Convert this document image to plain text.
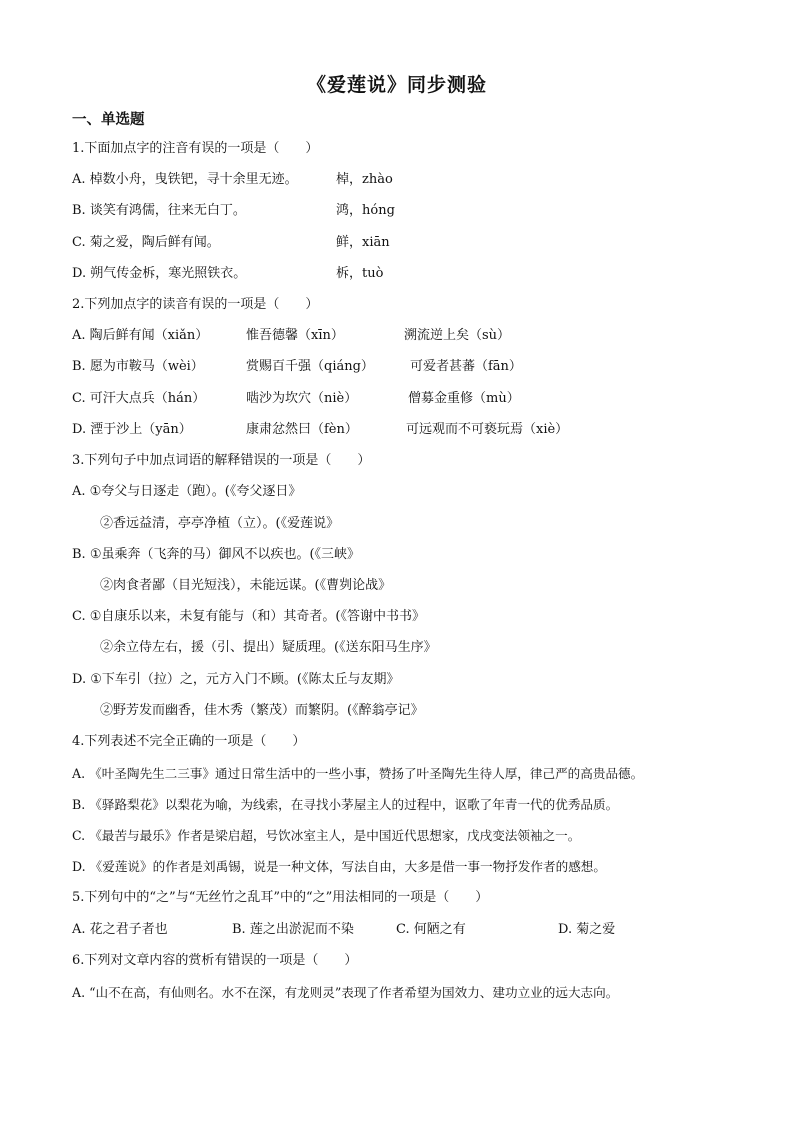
《爱莲说》同步测验
一、单选题
1.下面加点字的注音有误的一项是（　　）
A. 棹数小舟，曳铁钯，寻十余里无迹。	棹，zhào
B. 谈笑有鸿儒，往来无白丁。	鸿，hóng
C. 菊之爱，陶后鲜有闻。	鲜，xiān
D. 朔气传金柝，寒光照铁衣。	柝，tuò
2.下列加点字的读音有误的一项是（　　）
A. 陶后鲜有闻（xiǎn）	惟吾德馨（xīn）	溯流逆上矣（sù）
B. 愿为市鞍马（wèi）	赏赐百千强（qiáng）	可爱者甚蕃（fān）
C. 可汗大点兵（hán）	啮沙为坎穴（niè）	僧募金重修（mù）
D. 湮于沙上（yān）	康肃忿然曰（fèn）	可远观而不可亵玩焉（xiè）
3.下列句子中加点词语的解释错误的一项是（　　）
A. ①夸父与日逐走（跑）。(《夸父逐日》
②香远益清，亭亭净植（立）。(《爱莲说》
B. ①虽乘奔（飞奔的马）御风不以疾也。(《三峡》
②肉食者鄙（目光短浅），未能远谋。(《曹刿论战》
C. ①自康乐以来，未复有能与（和）其奇者。(《答谢中书书》
②余立侍左右，援（引、提出）疑质理。(《送东阳马生序》
D. ①下车引（拉）之，元方入门不顾。(《陈太丘与友期》
②野芳发而幽香，佳木秀（繁茂）而繁阴。(《醉翁亭记》
4.下列表述不完全正确的一项是（　　）
A. 《叶圣陶先生二三事》通过日常生活中的一些小事，赞扬了叶圣陶先生待人厚，律己严的高贵品德。
B. 《驿路梨花》以梨花为喻，为线索，在寻找小茅屋主人的过程中，讴歌了年青一代的优秀品质。
C. 《最苦与最乐》作者是梁启超，号饮冰室主人，是中国近代思想家，戊戌变法领袖之一。
D. 《爱莲说》的作者是刘禹锡，说是一种文体，写法自由，大多是借一事一物抒发作者的感想。
5.下列句中的“之”与“无丝竹之乱耳”中的“之”用法相同的一项是（　　）
A. 花之君子者也	B. 莲之出淤泥而不染	C. 何陋之有	D. 菊之爱
6.下列对文章内容的赏析有错误的一项是（　　）
A. “山不在高，有仙则名。水不在深，有龙则灵”表现了作者希望为国效力、建功立业的远大志向。
